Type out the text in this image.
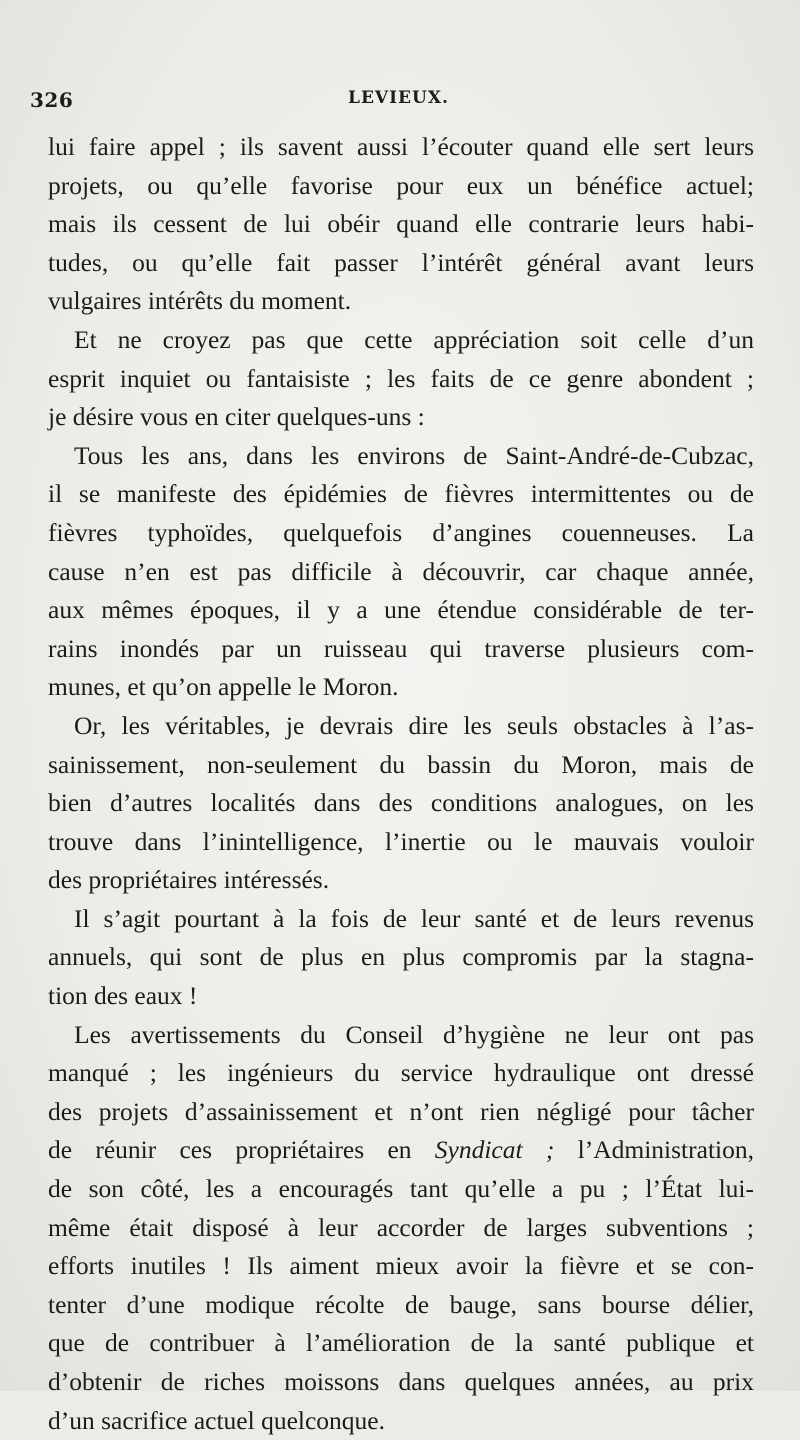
326	LEVIEUX.

lui faire appel ; ils savent aussi l’écouter quand elle sert leurs

projets, ou qu’elle favorise pour eux un bénéfice actuel;

mais ils cessent de lui obéir quand elle contrarie leurs habi-

tudes, ou qu’elle fait passer l’intérêt général avant leurs

vulgaires intérêts du moment.

Et ne croyez pas que cette appréciation soit celle d’un

esprit inquiet ou fantaisiste ; les faits de ce genre abondent ;

je désire vous en citer quelques-uns :

Tous les ans, dans les environs de Saint-André-de-Cubzac,

il se manifeste des épidémies de fièvres intermittentes ou de

fièvres typhoïdes, quelquefois d’angines couenneuses. La

cause n’en est pas difficile à découvrir, car chaque année,

aux mêmes époques, il y a une étendue considérable de ter-

rains inondés par un ruisseau qui traverse plusieurs com-

munes, et qu’on appelle le Moron.

Or, les véritables, je devrais dire les seuls obstacles à l’as-

sainissement, non-seulement du bassin du Moron, mais de

bien d’autres localités dans des conditions analogues, on les

trouve dans l’inintelligence, l’inertie ou le mauvais vouloir

des propriétaires intéressés.

Il s’agit pourtant à la fois de leur santé et de leurs revenus

annuels, qui sont de plus en plus compromis par la stagna-

tion des eaux !

Les avertissements du Conseil d’hygiène ne leur ont pas

manqué ; les ingénieurs du service hydraulique ont dressé

des projets d’assainissement et n’ont rien négligé pour tâcher

de réunir ces propriétaires en Syndicat ; l’Administration,

de son côté, les a encouragés tant qu’elle a pu ; l’État lui-

même était disposé à leur accorder de larges subventions ;

efforts inutiles ! Ils aiment mieux avoir la fièvre et se con-

tenter d’une modique récolte de bauge, sans bourse délier,

que de contribuer à l’amélioration de la santé publique et

d’obtenir de riches moissons dans quelques années, au prix

d’un sacrifice actuel quelconque.
